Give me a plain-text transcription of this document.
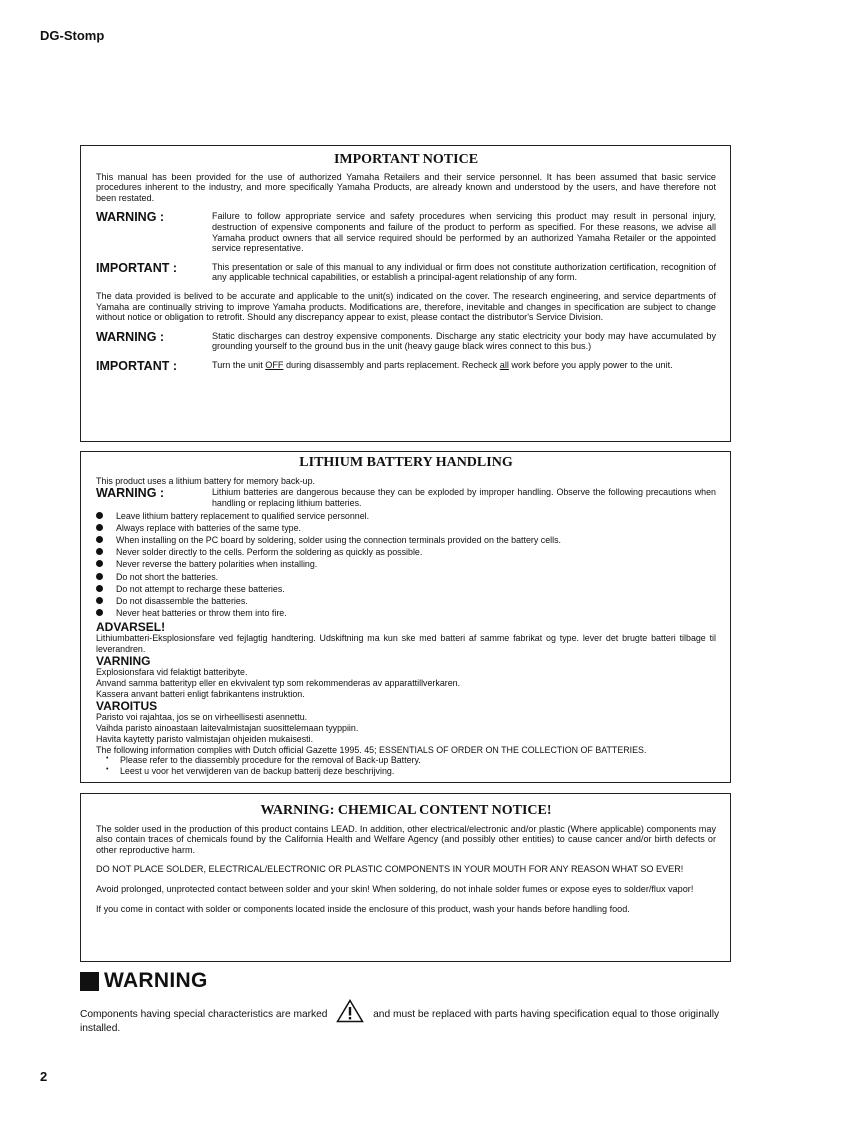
DG-Stomp
IMPORTANT NOTICE

This manual has been provided for the use of authorized Yamaha Retailers and their service personnel. It has been assumed that basic service procedures inherent to the industry, and more specifically Yamaha Products, are already known and understood by the users, and have therefore not been restated.

WARNING :	Failure to follow appropriate service and safety procedures when servicing this product may result in personal injury, destruction of expensive components and failure of the product to perform as specified. For these reasons, we advise all Yamaha product owners that all service required should be performed by an authorized Yamaha Retailer or the appointed service representative.
IMPORTANT :	This presentation or sale of this manual to any individual or firm does not constitute authorization certification, recognition of any applicable technical capabilities, or establish a principal-agent relationship of any form.

The data provided is belived to be accurate and applicable to the unit(s) indicated on the cover. The research engineering, and service departments of Yamaha are continually striving to improve Yamaha products. Modifications are, therefore, inevitable and changes in specification are subject to change without notice or obligation to retrofit. Should any discrepancy appear to exist, please contact the distributor's Service Division.

WARNING :	Static discharges can destroy expensive components. Discharge any static electricity your body may have accumulated by grounding yourself to the ground bus in the unit (heavy gauge black wires connect to this bus.)
IMPORTANT :	Turn the unit OFF during disassembly and parts replacement. Recheck all work before you apply power to the unit.
LITHIUM BATTERY HANDLING

This product uses a lithium battery for memory back-up.

WARNING :	Lithium batteries are dangerous because they can be exploded by improper handling. Observe the following precautions when handling or replacing lithium batteries.
Leave lithium battery replacement to qualified service personnel.
Always replace with batteries of the same type.
When installing on the PC board by soldering, solder using the connection terminals provided on the battery cells.
Never solder directly to the cells. Perform the soldering as quickly as possible.
Never reverse the battery polarities when installing.
Do not short the batteries.
Do not attempt to recharge these batteries.
Do not disassemble the batteries.
Never heat batteries or throw them into fire.
ADVARSEL!

Lithiumbatteri-Eksplosionsfare ved fejlagtig handtering. Udskiftning ma kun ske med batteri af samme fabrikat og type. lever det brugte batteri tilbage til leverandren.

VARNING
Explosionsfara vid felaktigt batteribyte.
Anvand samma batterityp eller en ekvivalent typ som rekommenderas av apparattillverkaren.
Kassera anvant batteri enligt fabrikantens instruktion.
VAROITUS
Paristo voi rajahtaa, jos se on virheellisesti asennettu.
Vaihda paristo ainoastaan laitevalmistajan suosittelemaan tyyppiin.
Havita kaytetty paristo valmistajan ohjeiden mukaisesti.
The following information complies with Dutch official Gazette 1995. 45; ESSENTIALS OF ORDER ON THE COLLECTION OF BATTERIES.
• Please refer to the diassembly procedure for the removal of Back-up Battery.
• Leest u voor het verwijderen van de backup batterij deze beschrijving.
WARNING: CHEMICAL CONTENT NOTICE!

The solder used in the production of this product contains LEAD. In addition, other electrical/electronic and/or plastic (Where applicable) components may also contain traces of chemicals found by the California Health and Welfare Agency (and possibly other entities) to cause cancer and/or birth defects or other reproductive harm.

DO NOT PLACE SOLDER, ELECTRICAL/ELECTRONIC OR PLASTIC COMPONENTS IN YOUR MOUTH FOR ANY REASON WHAT SO EVER!

Avoid prolonged, unprotected contact between solder and your skin! When soldering, do not inhale solder fumes or expose eyes to solder/flux vapor!

If you come in contact with solder or components located inside the enclosure of this product, wash your hands before handling food.

WARNING
Components having special characteristics are marked	and must be replaced with parts having specification equal to those originally installed.
2
